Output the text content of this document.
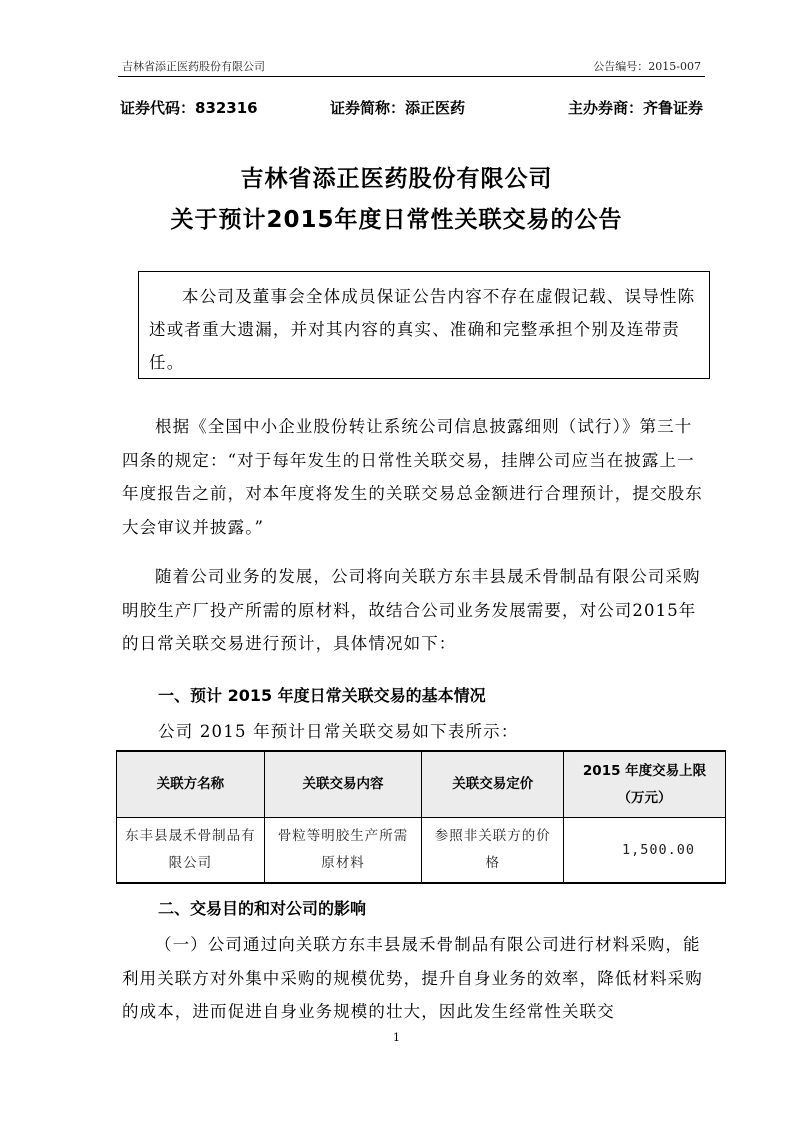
吉林省添正医药股份有限公司	公告编号：2015-007
证券代码：832316	证券简称：添正医药	主办券商：齐鲁证券
吉林省添正医药股份有限公司
关于预计2015年度日常性关联交易的公告
本公司及董事会全体成员保证公告内容不存在虚假记载、误导性陈述或者重大遗漏，并对其内容的真实、准确和完整承担个别及连带责任。

根据《全国中小企业股份转让系统公司信息披露细则（试行）》第三十四条的规定：“对于每年发生的日常性关联交易，挂牌公司应当在披露上一年度报告之前，对本年度将发生的关联交易总金额进行合理预计，提交股东大会审议并披露。”

随着公司业务的发展，公司将向关联方东丰县晟禾骨制品有限公司采购明胶生产厂投产所需的原材料，故结合公司业务发展需要，对公司2015年的日常关联交易进行预计，具体情况如下：

一、预计 2015 年度日常关联交易的基本情况
公司 2015 年预计日常关联交易如下表所示：
关联方名称	关联交易内容	关联交易定价	2015 年度交易上限（万元）
东丰县晟禾骨制品有限公司	骨粒等明胶生产所需原材料	参照非关联方的价格	1,500.00
二、交易目的和对公司的影响

（一）公司通过向关联方东丰县晟禾骨制品有限公司进行材料采购，能利用关联方对外集中采购的规模优势，提升自身业务的效率，降低材料采购的成本，进而促进自身业务规模的壮大，因此发生经常性关联交

1
